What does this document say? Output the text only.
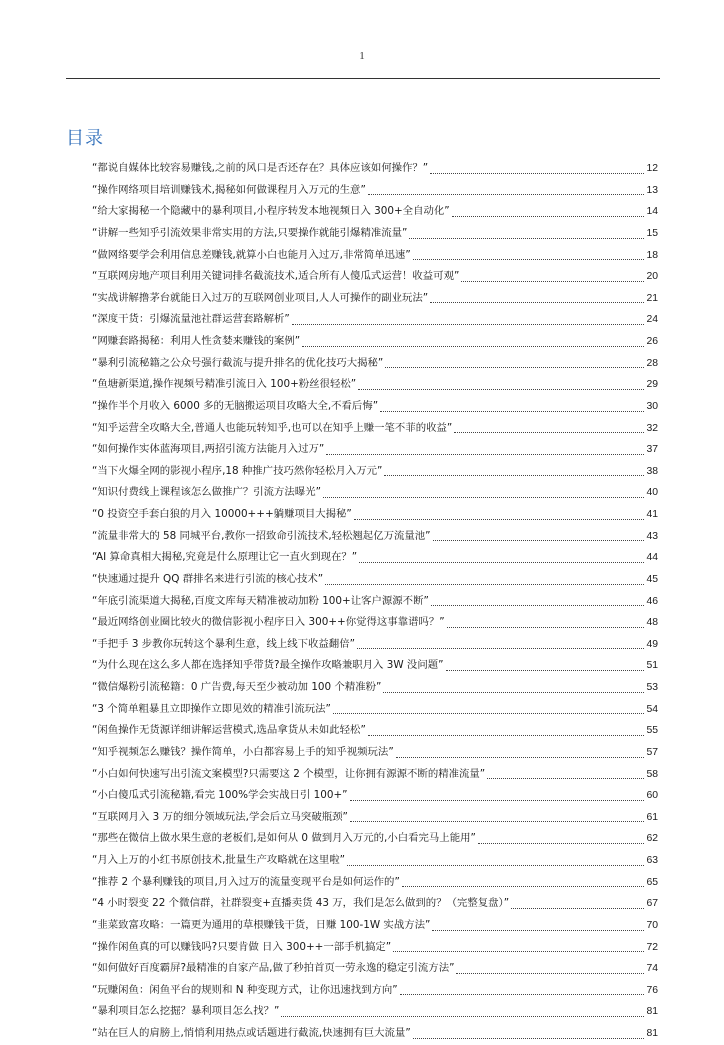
1
目录
“都说自媒体比较容易赚钱,之前的风口是否还存在？具体应该如何操作？”	12
“操作网络项目培训赚钱术,揭秘如何做课程月入万元的生意”	13
“给大家揭秘一个隐藏中的暴利项目,小程序转发本地视频日入 300+全自动化”	14
“讲解一些知乎引流效果非常实用的方法,只要操作就能引爆精准流量”	15
“做网络要学会利用信息差赚钱,就算小白也能月入过万,非常简单迅速”	18
“互联网房地产项目利用关键词排名截流技术,适合所有人傻瓜式运营！收益可观”	20
“实战讲解撸茅台就能日入过万的互联网创业项目,人人可操作的副业玩法”	21
“深度干货：引爆流量池社群运营套路解析”	24
“网赚套路揭秘：利用人性贪婪来赚钱的案例”	26
“暴利引流秘籍之公众号强行截流与提升排名的优化技巧大揭秘”	28
“鱼塘新渠道,操作视频号精准引流日入 100+粉丝很轻松”	29
“操作半个月收入 6000 多的无脑搬运项目攻略大全,不看后悔”	30
“知乎运营全攻略大全,普通人也能玩转知乎,也可以在知乎上赚一笔不菲的收益”	32
“如何操作实体蓝海项目,两招引流方法能月入过万”	37
“当下火爆全网的影视小程序,18 种推广技巧然你轻松月入万元”	38
“知识付费线上课程该怎么做推广？引流方法曝光”	40
“0 投资空手套白狼的月入 10000+++躺赚项目大揭秘”	41
“流量非常大的 58 同城平台,教你一招致命引流技术,轻松翘起亿万流量池”	43
“AI 算命真相大揭秘,究竟是什么原理让它一直火到现在？”	44
“快速通过提升 QQ 群排名来进行引流的核心技术”	45
“年底引流渠道大揭秘,百度文库每天精准被动加粉 100+让客户源源不断”	46
“最近网络创业圈比较火的微信影视小程序日入 300++你觉得这事靠谱吗？”	48
“手把手 3 步教你玩转这个暴利生意，线上线下收益翻倍”	49
“为什么现在这么多人都在选择知乎带货?最全操作攻略兼职月入 3W 没问题”	51
“微信爆粉引流秘籍：0 广告费,每天至少被动加 100 个精准粉”	53
“3 个简单粗暴且立即操作立即见效的精准引流玩法”	54
“闲鱼操作无货源详细讲解运营模式,选品拿货从未如此轻松”	55
“知乎视频怎么赚钱？操作简单，小白都容易上手的知乎视频玩法”	57
“小白如何快速写出引流文案模型?只需要这 2 个模型，让你拥有源源不断的精准流量”	58
“小白傻瓜式引流秘籍,看完 100%学会实战日引 100+”	60
“互联网月入 3 万的细分领域玩法,学会后立马突破瓶颈”	61
“那些在微信上做水果生意的老板们,是如何从 0 做到月入万元的,小白看完马上能用”	62
“月入上万的小红书原创技术,批量生产攻略就在这里啦”	63
“推荐 2 个暴利赚钱的项目,月入过万的流量变现平台是如何运作的”	65
“4 小时裂变 22 个微信群，社群裂变+直播卖货 43 万，我们是怎么做到的？（完整复盘）”	67
“韭菜致富攻略：一篇更为通用的草根赚钱干货，日赚 100-1W 实战方法”	70
“操作闲鱼真的可以赚钱吗?只要肯做 日入 300++一部手机搞定”	72
“如何做好百度霸屏?最精准的自家产品,做了秒拍首页一劳永逸的稳定引流方法”	74
“玩赚闲鱼：闲鱼平台的规则和 N 种变现方式，让你迅速找到方向”	76
“暴利项目怎么挖掘？暴利项目怎么找？”	81
“站在巨人的肩膀上,悄悄利用热点或话题进行截流,快速拥有巨大流量”	81
